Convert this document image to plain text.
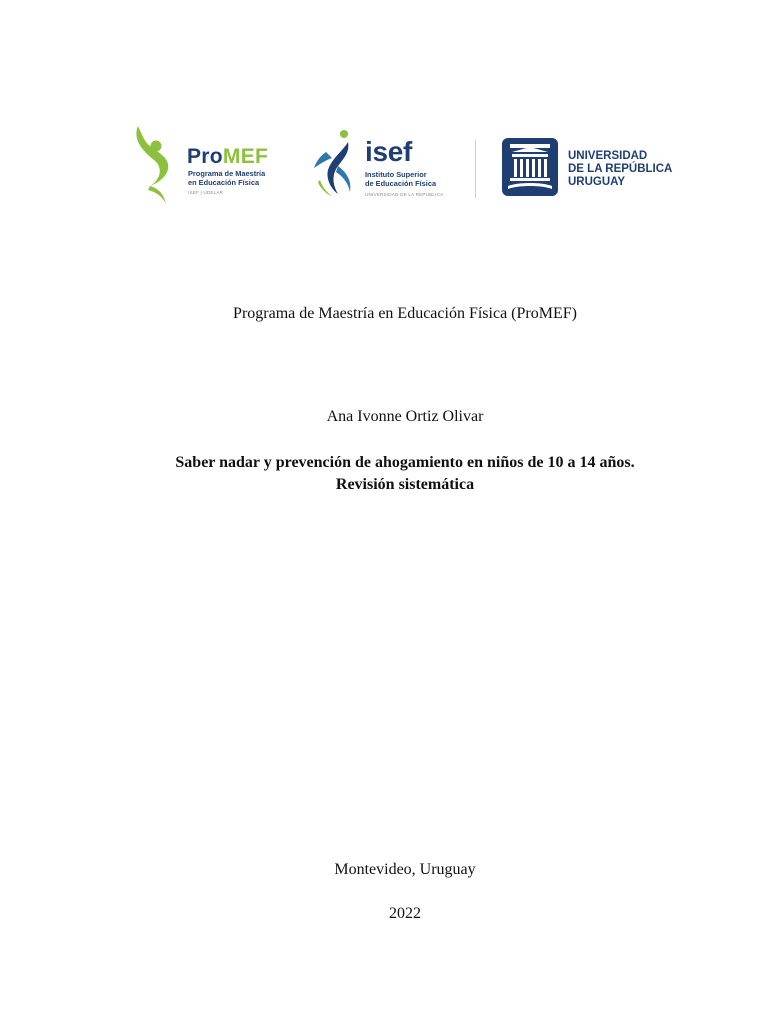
ProMEF
Programa de Maestría
en Educación Física
ISEF | UDELAR
isef
Instituto Superior
de Educación Física
UNIVERSIDAD DE LA REPÚBLICA
UNIVERSIDAD
DE LA REPÚBLICA
URUGUAY
Programa de Maestría en Educación Física (ProMEF)
Ana Ivonne Ortiz Olivar
Saber nadar y prevención de ahogamiento en niños de 10 a 14 años.
Revisión sistemática
Montevideo, Uruguay
2022
